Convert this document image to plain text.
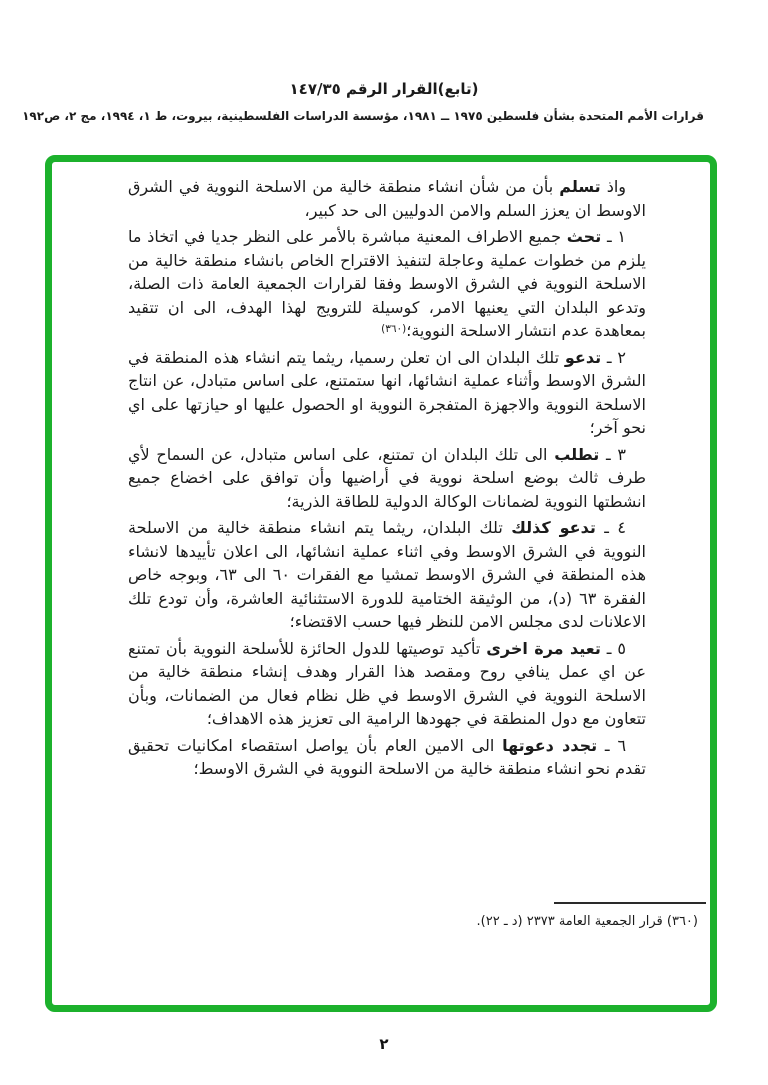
(تابع)القرار الرقم ١٤٧/٣٥
قرارات الأمم المتحدة بشأن فلسطين ١٩٧٥ ــ ١٩٨١، مؤسسة الدراسات الفلسطينية، بيروت، ط ١، ١٩٩٤، مج ٢، ص١٩٢

واذ تسلم بأن من شأن انشاء منطقة خالية من الاسلحة النووية في الشرق الاوسط ان يعزز السلم والامن الدوليين الى حد كبير،

١ ـ تحث جميع الاطراف المعنية مباشرة بالأمر على النظر جديا في اتخاذ ما يلزم من خطوات عملية وعاجلة لتنفيذ الاقتراح الخاص بانشاء منطقة خالية من الاسلحة النووية في الشرق الاوسط وفقا لقرارات الجمعية العامة ذات الصلة، وتدعو البلدان التي يعنيها الامر، كوسيلة للترويج لهذا الهدف، الى ان تتقيد بمعاهدة عدم انتشار الاسلحة النووية؛$^{(٣٦٠)}$

٢ ـ تدعو تلك البلدان الى ان تعلن رسميا، ريثما يتم انشاء هذه المنطقة في الشرق الاوسط وأثناء عملية انشائها، انها ستمتنع، على اساس متبادل، عن انتاج الاسلحة النووية والاجهزة المتفجرة النووية او الحصول عليها او حيازتها على اي نحو آخر؛

٣ ـ تطلب الى تلك البلدان ان تمتنع، على اساس متبادل، عن السماح لأي طرف ثالث بوضع اسلحة نووية في أراضيها وأن توافق على اخضاع جميع انشطتها النووية لضمانات الوكالة الدولية للطاقة الذرية؛

٤ ـ تدعو كذلك تلك البلدان، ريثما يتم انشاء منطقة خالية من الاسلحة النووية في الشرق الاوسط وفي اثناء عملية انشائها، الى اعلان تأييدها لانشاء هذه المنطقة في الشرق الاوسط تمشيا مع الفقرات ٦٠ الى ٦٣، وبوجه خاص الفقرة ٦٣ (د)، من الوثيقة الختامية للدورة الاستثنائية العاشرة، وأن تودع تلك الاعلانات لدى مجلس الامن للنظر فيها حسب الاقتضاء؛

٥ ـ تعيد مرة اخرى تأكيد توصيتها للدول الحائزة للأسلحة النووية بأن تمتنع عن اي عمل ينافي روح ومقصد هذا القرار وهدف إنشاء منطقة خالية من الاسلحة النووية في الشرق الاوسط في ظل نظام فعال من الضمانات، وبأن تتعاون مع دول المنطقة في جهودها الرامية الى تعزيز هذه الاهداف؛

٦ ـ تجدد دعوتها الى الامين العام بأن يواصل استقصاء امكانيات تحقيق تقدم نحو انشاء منطقة خالية من الاسلحة النووية في الشرق الاوسط؛

(٣٦٠) قرار الجمعية العامة ٢٣٧٣ (د ـ ٢٢).
٢
